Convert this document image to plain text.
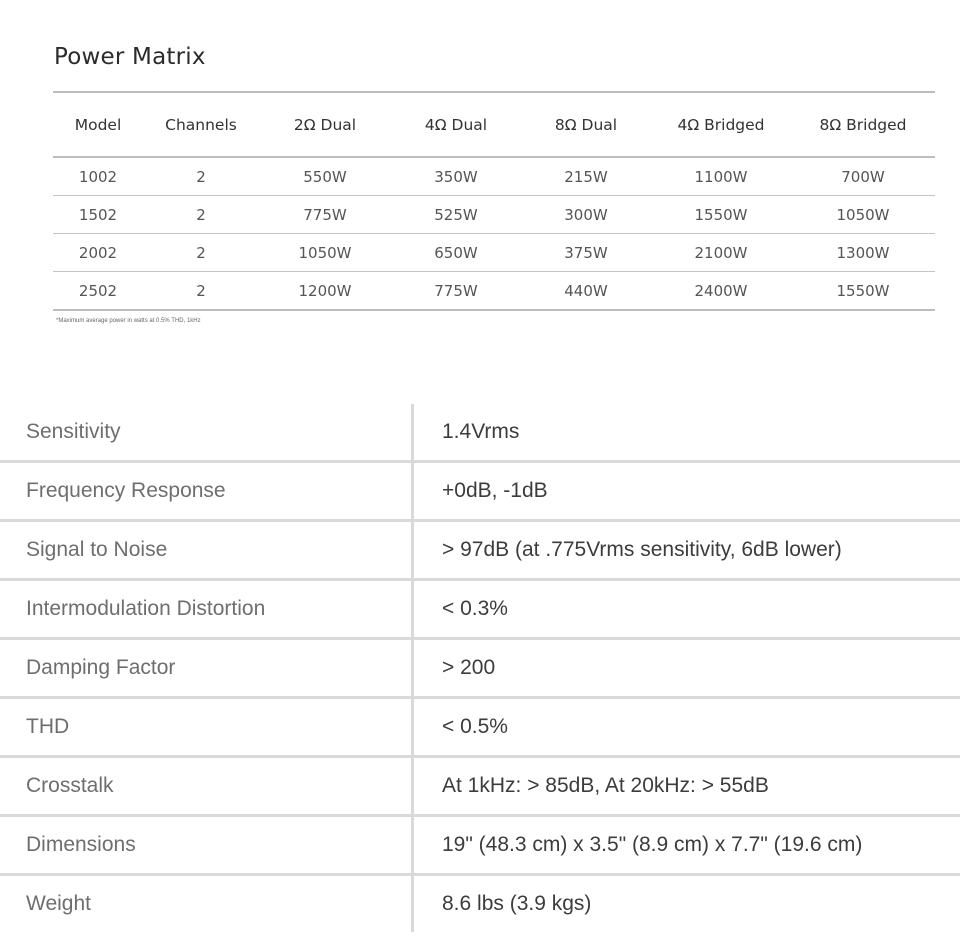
Power Matrix
Model	Channels	2Ω Dual	4Ω Dual	8Ω Dual	4Ω Bridged	8Ω Bridged
1002	2	550W	350W	215W	1100W	700W
1502	2	775W	525W	300W	1550W	1050W
2002	2	1050W	650W	375W	2100W	1300W
2502	2	1200W	775W	440W	2400W	1550W
*Maximum average power in watts at 0.5% THD, 1kHz
Sensitivity	1.4Vrms
Frequency Response	+0dB, -1dB
Signal to Noise	> 97dB (at .775Vrms sensitivity, 6dB lower)
Intermodulation Distortion	< 0.3%
Damping Factor	> 200
THD	< 0.5%
Crosstalk	At 1kHz: > 85dB, At 20kHz: > 55dB
Dimensions	19" (48.3 cm) x 3.5" (8.9 cm) x 7.7" (19.6 cm)
Weight	8.6 lbs (3.9 kgs)
